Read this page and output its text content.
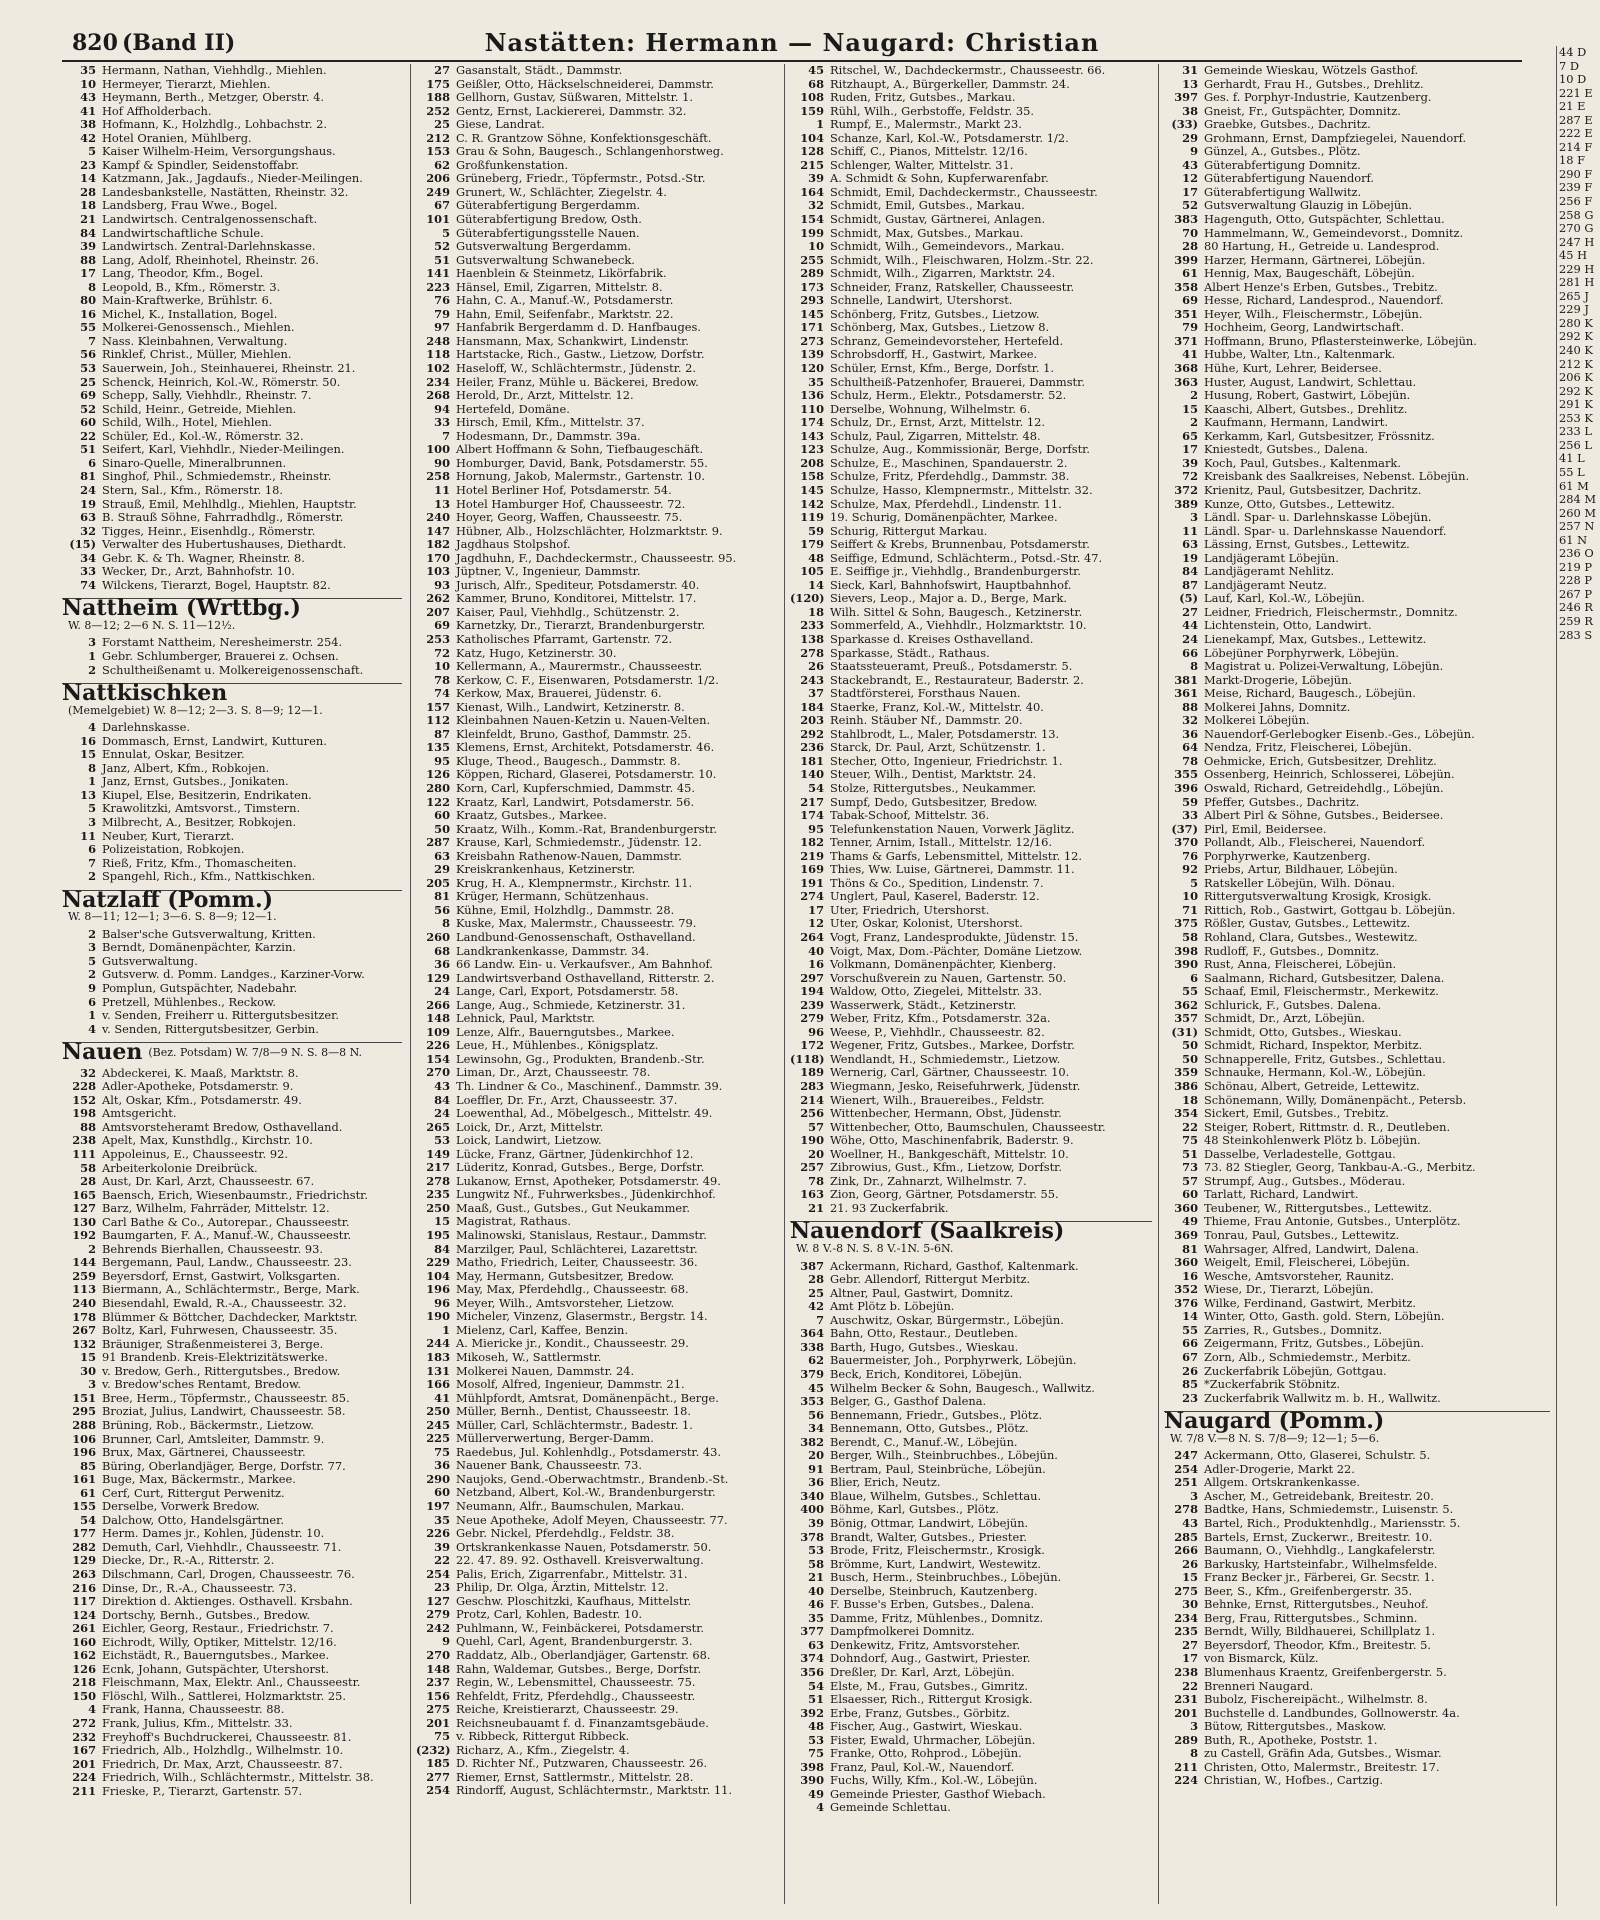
820 (Band II)	Nastätten: Hermann — Naugard: Christian
35 Hermann, Nathan, Viehhdlg., Miehlen.
10 Hermeyer, Tierarzt, Miehlen.
43 Heymann, Berth., Metzger, Oberstr. 4.
41 Hof Affholderbach.
38 Hofmann, K., Holzhdlg., Lohbachstr. 2.
42 Hotel Oranien, Mühlberg.
5 Kaiser Wilhelm-Heim, Versorgungshaus.
23 Kampf & Spindler, Seidenstoffabr.
14 Katzmann, Jak., Jagdaufs., Nieder-Meilingen.
28 Landesbankstelle, Nastätten, Rheinstr. 32.
18 Landsberg, Frau Wwe., Bogel.
21 Landwirtsch. Centralgenossenschaft.
84 Landwirtschaftliche Schule.
39 Landwirtsch. Zentral-Darlehnskasse.
88 Lang, Adolf, Rheinhotel, Rheinstr. 26.
17 Lang, Theodor, Kfm., Bogel.
8 Leopold, B., Kfm., Römerstr. 3.
80 Main-Kraftwerke, Brühlstr. 6.
16 Michel, K., Installation, Bogel.
55 Molkerei-Genossensch., Miehlen.
7 Nass. Kleinbahnen, Verwaltung.
56 Rinklef, Christ., Müller, Miehlen.
53 Sauerwein, Joh., Steinhauerei, Rheinstr. 21.
25 Schenck, Heinrich, Kol.-W., Römerstr. 50.
69 Schepp, Sally, Viehhdlr., Rheinstr. 7.
52 Schild, Heinr., Getreide, Miehlen.
60 Schild, Wilh., Hotel, Miehlen.
22 Schüler, Ed., Kol.-W., Römerstr. 32.
51 Seifert, Karl, Viehhdlr., Nieder-Meilingen.
6 Sinaro-Quelle, Mineralbrunnen.
81 Singhof, Phil., Schmiedemstr., Rheinstr.
24 Stern, Sal., Kfm., Römerstr. 18.
19 Strauß, Emil, Mehlhdlg., Miehlen, Hauptstr.
63 B. Strauß Söhne, Fahrradhdlg., Römerstr.
32 Tigges, Heinr., Eisenhdlg., Römerstr.
(15) Verwalter des Hubertushauses, Diethardt.
34 Gebr. K. & Th. Wagner, Rheinstr. 8.
33 Wecker, Dr., Arzt, Bahnhofstr. 10.
74 Wilckens, Tierarzt, Bogel, Hauptstr. 82.
Nattheim (Wrttbg.)W. 8—12; 2—6 N. S. 11—12½.
3 Forstamt Nattheim, Neresheimerstr. 254.
1 Gebr. Schlumberger, Brauerei z. Ochsen.
2 Schultheißenamt u. Molkereigenossenschaft.
Nattkischken(Memelgebiet) W. 8—12; 2—3. S. 8—9; 12—1.
4 Darlehnskasse.
16 Dommasch, Ernst, Landwirt, Kutturen.
15 Ennulat, Oskar, Besitzer.
8 Janz, Albert, Kfm., Robkojen.
1 Janz, Ernst, Gutsbes., Jonikaten.
13 Kiupel, Else, Besitzerin, Endrikaten.
5 Krawolitzki, Amtsvorst., Timstern.
3 Milbrecht, A., Besitzer, Robkojen.
11 Neuber, Kurt, Tierarzt.
6 Polizeistation, Robkojen.
7 Rieß, Fritz, Kfm., Thomascheiten.
2 Spangehl, Rich., Kfm., Nattkischken.
Natzlaff (Pomm.)W. 8—11; 12—1; 3—6. S. 8—9; 12—1.
2 Balser'sche Gutsverwaltung, Kritten.
3 Berndt, Domänenpächter, Karzin.
5 Gutsverwaltung.
2 Gutsverw. d. Pomm. Landges., Karziner-Vorw.
9 Pomplun, Gutspächter, Nadebahr.
6 Pretzell, Mühlenbes., Reckow.
1 v. Senden, Freiherr u. Rittergutsbesitzer.
4 v. Senden, Rittergutsbesitzer, Gerbin.
Nauen (Bez. Potsdam) W. 7/8—9 N. S. 8—8 N.
32 Abdeckerei, K. Maaß, Marktstr. 8.
228 Adler-Apotheke, Potsdamerstr. 9.
152 Alt, Oskar, Kfm., Potsdamerstr. 49.
198 Amtsgericht.
88 Amtsvorsteheramt Bredow, Osthavelland.
238 Apelt, Max, Kunsthdlg., Kirchstr. 10.
111 Appoleinus, E., Chausseestr. 92.
58 Arbeiterkolonie Dreibrück.
28 Aust, Dr. Karl, Arzt, Chausseestr. 67.
165 Baensch, Erich, Wiesenbaumstr., Friedrichstr.
127 Barz, Wilhelm, Fahrräder, Mittelstr. 12.
130 Carl Bathe & Co., Autorepar., Chausseestr.
192 Baumgarten, F. A., Manuf.-W., Chausseestr.
2 Behrends Bierhallen, Chausseestr. 93.
144 Bergemann, Paul, Landw., Chausseestr. 23.
259 Beyersdorf, Ernst, Gastwirt, Volksgarten.
113 Biermann, A., Schlächtermstr., Berge, Mark.
240 Biesendahl, Ewald, R.-A., Chausseestr. 32.
178 Blümmer & Böttcher, Dachdecker, Marktstr.
267 Boltz, Karl, Fuhrwesen, Chausseestr. 35.
132 Bräuniger, Straßenmeisterei 3, Berge.
15 91 Brandenb. Kreis-Elektrizitätswerke.
30 v. Bredow, Gerh., Rittergutsbes., Bredow.
3 v. Bredow'sches Rentamt, Bredow.
151 Bree, Herm., Töpfermstr., Chausseestr. 85.
295 Broziat, Julius, Landwirt, Chausseestr. 58.
288 Brüning, Rob., Bäckermstr., Lietzow.
106 Brunner, Carl, Amtsleiter, Dammstr. 9.
196 Brux, Max, Gärtnerei, Chausseestr.
85 Büring, Oberlandjäger, Berge, Dorfstr. 77.
161 Buge, Max, Bäckermstr., Markee.
61 Cerf, Curt, Rittergut Perwenitz.
155 Derselbe, Vorwerk Bredow.
54 Dalchow, Otto, Handelsgärtner.
177 Herm. Dames jr., Kohlen, Jüdenstr. 10.
282 Demuth, Carl, Viehhdlr., Chausseestr. 71.
129 Diecke, Dr., R.-A., Ritterstr. 2.
263 Dilschmann, Carl, Drogen, Chausseestr. 76.
216 Dinse, Dr., R.-A., Chausseestr. 73.
117 Direktion d. Aktienges. Osthavell. Krsbahn.
124 Dortschy, Bernh., Gutsbes., Bredow.
261 Eichler, Georg, Restaur., Friedrichstr. 7.
160 Eichrodt, Willy, Optiker, Mittelstr. 12/16.
162 Eichstädt, R., Bauerngutsbes., Markee.
126 Ecnk, Johann, Gutspächter, Utershorst.
218 Fleischmann, Max, Elektr. Anl., Chausseestr.
150 Flöschl, Wilh., Sattlerei, Holzmarktstr. 25.
4 Frank, Hanna, Chausseestr. 88.
272 Frank, Julius, Kfm., Mittelstr. 33.
232 Freyhoff's Buchdruckerei, Chausseestr. 81.
167 Friedrich, Alb., Holzhdlg., Wilhelmstr. 10.
201 Friedrich, Dr. Max, Arzt, Chausseestr. 87.
224 Friedrich, Wilh., Schlächtermstr., Mittelstr. 38.
211 Frieske, P., Tierarzt, Gartenstr. 57.
27 Gasanstalt, Städt., Dammstr.
175 Geißler, Otto, Häckselschneiderei, Dammstr.
188 Gellhorn, Gustav, Süßwaren, Mittelstr. 1.
252 Gentz, Ernst, Lackiererei, Dammstr. 32.
25 Giese, Landrat.
212 C. R. Grantzow Söhne, Konfektionsgeschäft.
153 Grau & Sohn, Baugesch., Schlangenhorstweg.
62 Großfunkenstation.
206 Grüneberg, Friedr., Töpfermstr., Potsd.-Str.
249 Grunert, W., Schlächter, Ziegelstr. 4.
67 Güterabfertigung Bergerdamm.
101 Güterabfertigung Bredow, Osth.
5 Güterabfertigungsstelle Nauen.
52 Gutsverwaltung Bergerdamm.
51 Gutsverwaltung Schwanebeck.
141 Haenblein & Steinmetz, Likörfabrik.
223 Hänsel, Emil, Zigarren, Mittelstr. 8.
76 Hahn, C. A., Manuf.-W., Potsdamerstr.
79 Hahn, Emil, Seifenfabr., Marktstr. 22.
97 Hanfabrik Bergerdamm d. D. Hanfbauges.
248 Hansmann, Max, Schankwirt, Lindenstr.
118 Hartstacke, Rich., Gastw., Lietzow, Dorfstr.
102 Haseloff, W., Schlächtermstr., Jüdenstr. 2.
234 Heiler, Franz, Mühle u. Bäckerei, Bredow.
268 Herold, Dr., Arzt, Mittelstr. 12.
94 Hertefeld, Domäne.
33 Hirsch, Emil, Kfm., Mittelstr. 37.
7 Hodesmann, Dr., Dammstr. 39a.
100 Albert Hoffmann & Sohn, Tiefbaugeschäft.
90 Homburger, David, Bank, Potsdamerstr. 55.
258 Hornung, Jakob, Malermstr., Gartenstr. 10.
11 Hotel Berliner Hof, Potsdamerstr. 54.
13 Hotel Hamburger Hof, Chausseestr. 72.
240 Hoyer, Georg, Waffen, Chausseestr. 75.
147 Hübner, Alb., Holzschlächter, Holzmarktstr. 9.
182 Jagdhaus Stolpshof.
170 Jagdhuhn, F., Dachdeckermstr., Chausseestr. 95.
103 Jüptner, V., Ingenieur, Dammstr.
93 Jurisch, Alfr., Spediteur, Potsdamerstr. 40.
262 Kammer, Bruno, Konditorei, Mittelstr. 17.
207 Kaiser, Paul, Viehhdlg., Schützenstr. 2.
69 Karnetzky, Dr., Tierarzt, Brandenburgerstr.
253 Katholisches Pfarramt, Gartenstr. 72.
72 Katz, Hugo, Ketzinerstr. 30.
10 Kellermann, A., Maurermstr., Chausseestr.
78 Kerkow, C. F., Eisenwaren, Potsdamerstr. 1/2.
74 Kerkow, Max, Brauerei, Jüdenstr. 6.
157 Kienast, Wilh., Landwirt, Ketzinerstr. 8.
112 Kleinbahnen Nauen-Ketzin u. Nauen-Velten.
87 Kleinfeldt, Bruno, Gasthof, Dammstr. 25.
135 Klemens, Ernst, Architekt, Potsdamerstr. 46.
95 Kluge, Theod., Baugesch., Dammstr. 8.
126 Köppen, Richard, Glaserei, Potsdamerstr. 10.
280 Korn, Carl, Kupferschmied, Dammstr. 45.
122 Kraatz, Karl, Landwirt, Potsdamerstr. 56.
60 Kraatz, Gutsbes., Markee.
50 Kraatz, Wilh., Komm.-Rat, Brandenburgerstr.
287 Krause, Karl, Schmiedemstr., Jüdenstr. 12.
63 Kreisbahn Rathenow-Nauen, Dammstr.
29 Kreiskrankenhaus, Ketzinerstr.
205 Krug, H. A., Klempnermstr., Kirchstr. 11.
81 Krüger, Hermann, Schützenhaus.
56 Kühne, Emil, Holzhdlg., Dammstr. 28.
8 Kuske, Max, Malermstr., Chausseestr. 79.
260 Landbund-Genossenschaft, Osthavelland.
68 Landkrankenkasse, Dammstr. 34.
36 66 Landw. Ein- u. Verkaufsver., Am Bahnhof.
129 Landwirtsverband Osthavelland, Ritterstr. 2.
24 Lange, Carl, Export, Potsdamerstr. 58.
266 Lange, Aug., Schmiede, Ketzinerstr. 31.
148 Lehnick, Paul, Marktstr.
109 Lenze, Alfr., Bauerngutsbes., Markee.
226 Leue, H., Mühlenbes., Königsplatz.
154 Lewinsohn, Gg., Produkten, Brandenb.-Str.
270 Liman, Dr., Arzt, Chausseestr. 78.
43 Th. Lindner & Co., Maschinenf., Dammstr. 39.
84 Loeffler, Dr. Fr., Arzt, Chausseestr. 37.
24 Loewenthal, Ad., Möbelgesch., Mittelstr. 49.
265 Loick, Dr., Arzt, Mittelstr.
53 Loick, Landwirt, Lietzow.
149 Lücke, Franz, Gärtner, Jüdenkirchhof 12.
217 Lüderitz, Konrad, Gutsbes., Berge, Dorfstr.
278 Lukanow, Ernst, Apotheker, Potsdamerstr. 49.
235 Lungwitz Nf., Fuhrwerksbes., Jüdenkirchhof.
250 Maaß, Gust., Gutsbes., Gut Neukammer.
15 Magistrat, Rathaus.
195 Malinowski, Stanislaus, Restaur., Dammstr.
84 Marzilger, Paul, Schlächterei, Lazarettstr.
229 Matho, Friedrich, Leiter, Chausseestr. 36.
104 May, Hermann, Gutsbesitzer, Bredow.
196 May, Max, Pferdehdlg., Chausseestr. 68.
96 Meyer, Wilh., Amtsvorsteher, Lietzow.
190 Micheler, Vinzenz, Glasermstr., Bergstr. 14.
1 Mielenz, Carl, Kaffee, Benzin.
244 A. Miericke jr., Kondit., Chausseestr. 29.
183 Mikoseh, W., Sattlermstr.
131 Molkerei Nauen, Dammstr. 24.
166 Mosolf, Alfred, Ingenieur, Dammstr. 21.
41 Mühlpfordt, Amtsrat, Domänenpächt., Berge.
250 Müller, Bernh., Dentist, Chausseestr. 18.
245 Müller, Carl, Schlächtermstr., Badestr. 1.
225 Müllerverwertung, Berger-Damm.
75 Raedebus, Jul. Kohlenhdlg., Potsdamerstr. 43.
36 Nauener Bank, Chausseestr. 73.
290 Naujoks, Gend.-Oberwachtmstr., Brandenb.-St.
60 Netzband, Albert, Kol.-W., Brandenburgerstr.
197 Neumann, Alfr., Baumschulen, Markau.
35 Neue Apotheke, Adolf Meyen, Chausseestr. 77.
226 Gebr. Nickel, Pferdehdlg., Feldstr. 38.
39 Ortskrankenkasse Nauen, Potsdamerstr. 50.
22 22. 47. 89. 92. Osthavell. Kreisverwaltung.
254 Palis, Erich, Zigarrenfabr., Mittelstr. 31.
23 Philip, Dr. Olga, Ärztin, Mittelstr. 12.
127 Geschw. Ploschitzki, Kaufhaus, Mittelstr.
279 Protz, Carl, Kohlen, Badestr. 10.
242 Puhlmann, W., Feinbäckerei, Potsdamerstr.
9 Quehl, Carl, Agent, Brandenburgerstr. 3.
270 Raddatz, Alb., Oberlandjäger, Gartenstr. 68.
148 Rahn, Waldemar, Gutsbes., Berge, Dorfstr.
237 Regin, W., Lebensmittel, Chausseestr. 75.
156 Rehfeldt, Fritz, Pferdehdlg., Chausseestr.
275 Reiche, Kreistierarzt, Chausseestr. 29.
201 Reichsneubauamt f. d. Finanzamtsgebäude.
75 v. Ribbeck, Rittergut Ribbeck.
(232) Richarz, A., Kfm., Ziegelstr. 4.
185 D. Richter Nf., Putzwaren, Chausseestr. 26.
277 Riemer, Ernst, Sattlermstr., Mittelstr. 28.
254 Rindorff, August, Schlächtermstr., Marktstr. 11.
45 Ritschel, W., Dachdeckermstr., Chausseestr. 66.
68 Ritzhaupt, A., Bürgerkeller, Dammstr. 24.
108 Ruden, Fritz, Gutsbes., Markau.
159 Rühl, Wilh., Gerbstoffe, Feldstr. 35.
1 Rumpf, E., Malermstr., Markt 23.
104 Schanze, Karl, Kol.-W., Potsdamerstr. 1/2.
128 Schiff, C., Pianos, Mittelstr. 12/16.
215 Schlenger, Walter, Mittelstr. 31.
39 A. Schmidt & Sohn, Kupferwarenfabr.
164 Schmidt, Emil, Dachdeckermstr., Chausseestr.
32 Schmidt, Emil, Gutsbes., Markau.
154 Schmidt, Gustav, Gärtnerei, Anlagen.
199 Schmidt, Max, Gutsbes., Markau.
10 Schmidt, Wilh., Gemeindevors., Markau.
255 Schmidt, Wilh., Fleischwaren, Holzm.-Str. 22.
289 Schmidt, Wilh., Zigarren, Marktstr. 24.
173 Schneider, Franz, Ratskeller, Chausseestr.
293 Schnelle, Landwirt, Utershorst.
145 Schönberg, Fritz, Gutsbes., Lietzow.
171 Schönberg, Max, Gutsbes., Lietzow 8.
273 Schranz, Gemeindevorsteher, Hertefeld.
139 Schrobsdorff, H., Gastwirt, Markee.
120 Schüler, Ernst, Kfm., Berge, Dorfstr. 1.
35 Schultheiß-Patzenhofer, Brauerei, Dammstr.
136 Schulz, Herm., Elektr., Potsdamerstr. 52.
110 Derselbe, Wohnung, Wilhelmstr. 6.
174 Schulz, Dr., Ernst, Arzt, Mittelstr. 12.
143 Schulz, Paul, Zigarren, Mittelstr. 48.
123 Schulze, Aug., Kommissionär, Berge, Dorfstr.
208 Schulze, E., Maschinen, Spandauerstr. 2.
158 Schulze, Fritz, Pferdehdlg., Dammstr. 38.
145 Schulze, Hasso, Klempnermstr., Mittelstr. 32.
142 Schulze, Max, Pferdehdl., Lindenstr. 11.
119 19. Schurig, Domänenpächter, Markee.
59 Schurig, Rittergut Markau.
179 Seiffert & Krebs, Brunnenbau, Potsdamerstr.
48 Seiffige, Edmund, Schlächterm., Potsd.-Str. 47.
105 E. Seiffige jr., Viehhdlg., Brandenburgerstr.
14 Sieck, Karl, Bahnhofswirt, Hauptbahnhof.
(120) Sievers, Leop., Major a. D., Berge, Mark.
18 Wilh. Sittel & Sohn, Baugesch., Ketzinerstr.
233 Sommerfeld, A., Viehhdlr., Holzmarktstr. 10.
138 Sparkasse d. Kreises Osthavelland.
278 Sparkasse, Städt., Rathaus.
26 Staatssteueramt, Preuß., Potsdamerstr. 5.
243 Stackebrandt, E., Restaurateur, Baderstr. 2.
37 Stadtförsterei, Forsthaus Nauen.
184 Staerke, Franz, Kol.-W., Mittelstr. 40.
203 Reinh. Stäuber Nf., Dammstr. 20.
292 Stahlbrodt, L., Maler, Potsdamerstr. 13.
236 Starck, Dr. Paul, Arzt, Schützenstr. 1.
181 Stecher, Otto, Ingenieur, Friedrichstr. 1.
140 Steuer, Wilh., Dentist, Marktstr. 24.
54 Stolze, Rittergutsbes., Neukammer.
217 Sumpf, Dedo, Gutsbesitzer, Bredow.
174 Tabak-Schoof, Mittelstr. 36.
95 Telefunkenstation Nauen, Vorwerk Jäglitz.
182 Tenner, Arnim, Istall., Mittelstr. 12/16.
219 Thams & Garfs, Lebensmittel, Mittelstr. 12.
169 Thies, Ww. Luise, Gärtnerei, Dammstr. 11.
191 Thöns & Co., Spedition, Lindenstr. 7.
274 Unglert, Paul, Kaserel, Baderstr. 12.
17 Uter, Friedrich, Utershorst.
12 Uter, Oskar, Kolonist, Utershorst.
264 Vogt, Franz, Landesprodukte, Jüdenstr. 15.
40 Voigt, Max, Dom.-Pächter, Domäne Lietzow.
16 Volkmann, Domänenpächter, Kienberg.
297 Vorschußverein zu Nauen, Gartenstr. 50.
194 Waldow, Otto, Ziegelei, Mittelstr. 33.
239 Wasserwerk, Städt., Ketzinerstr.
279 Weber, Fritz, Kfm., Potsdamerstr. 32a.
96 Weese, P., Viehhdlr., Chausseestr. 82.
172 Wegener, Fritz, Gutsbes., Markee, Dorfstr.
(118) Wendlandt, H., Schmiedemstr., Lietzow.
189 Wernerig, Carl, Gärtner, Chausseestr. 10.
283 Wiegmann, Jesko, Reisefuhrwerk, Jüdenstr.
214 Wienert, Wilh., Brauereibes., Feldstr.
256 Wittenbecher, Hermann, Obst, Jüdenstr.
57 Wittenbecher, Otto, Baumschulen, Chausseestr.
190 Wöhe, Otto, Maschinenfabrik, Baderstr. 9.
20 Woellner, H., Bankgeschäft, Mittelstr. 10.
257 Zibrowius, Gust., Kfm., Lietzow, Dorfstr.
78 Zink, Dr., Zahnarzt, Wilhelmstr. 7.
163 Zion, Georg, Gärtner, Potsdamerstr. 55.
21 21. 93 Zuckerfabrik.
Nauendorf (Saalkreis)W. 8 V.-8 N. S. 8 V.-1N. 5-6N.
387 Ackermann, Richard, Gasthof, Kaltenmark.
28 Gebr. Allendorf, Rittergut Merbitz.
25 Altner, Paul, Gastwirt, Domnitz.
42 Amt Plötz b. Löbejün.
7 Auschwitz, Oskar, Bürgermstr., Löbejün.
364 Bahn, Otto, Restaur., Deutleben.
338 Barth, Hugo, Gutsbes., Wieskau.
62 Bauermeister, Joh., Porphyrwerk, Löbejün.
379 Beck, Erich, Konditorei, Löbejün.
45 Wilhelm Becker & Sohn, Baugesch., Wallwitz.
353 Belger, G., Gasthof Dalena.
56 Bennemann, Friedr., Gutsbes., Plötz.
34 Bennemann, Otto, Gutsbes., Plötz.
382 Berendt, C., Manuf.-W., Löbejün.
20 Berger, Wilh., Steinbruchbes., Löbejün.
91 Bertram, Paul, Steinbrüche, Löbejün.
36 Blier, Erich, Neutz.
340 Blaue, Wilhelm, Gutsbes., Schlettau.
400 Böhme, Karl, Gutsbes., Plötz.
39 Bönig, Ottmar, Landwirt, Löbejün.
378 Brandt, Walter, Gutsbes., Priester.
53 Brode, Fritz, Fleischermstr., Krosigk.
58 Brömme, Kurt, Landwirt, Westewitz.
21 Busch, Herm., Steinbruchbes., Löbejün.
40 Derselbe, Steinbruch, Kautzenberg.
46 F. Busse's Erben, Gutsbes., Dalena.
35 Damme, Fritz, Mühlenbes., Domnitz.
377 Dampfmolkerei Domnitz.
63 Denkewitz, Fritz, Amtsvorsteher.
374 Dohndorf, Aug., Gastwirt, Priester.
356 Dreßler, Dr. Karl, Arzt, Löbejün.
54 Elste, M., Frau, Gutsbes., Gimritz.
51 Elsaesser, Rich., Rittergut Krosigk.
392 Erbe, Franz, Gutsbes., Görbitz.
48 Fischer, Aug., Gastwirt, Wieskau.
53 Fister, Ewald, Uhrmacher, Löbejün.
75 Franke, Otto, Rohprod., Löbejün.
398 Franz, Paul, Kol.-W., Nauendorf.
390 Fuchs, Willy, Kfm., Kol.-W., Löbejün.
49 Gemeinde Priester, Gasthof Wiebach.
4 Gemeinde Schlettau.
31 Gemeinde Wieskau, Wötzels Gasthof.
13 Gerhardt, Frau H., Gutsbes., Drehlitz.
397 Ges. f. Porphyr-Industrie, Kautzenberg.
38 Gneist, Fr., Gutspächter, Domnitz.
(33) Graebke, Gutsbes., Dachritz.
29 Grohmann, Ernst, Dampfziegelei, Nauendorf.
9 Günzel, A., Gutsbes., Plötz.
43 Güterabfertigung Domnitz.
12 Güterabfertigung Nauendorf.
17 Güterabfertigung Wallwitz.
52 Gutsverwaltung Glauzig in Löbejün.
383 Hagenguth, Otto, Gutspächter, Schlettau.
70 Hammelmann, W., Gemeindevorst., Domnitz.
28 80 Hartung, H., Getreide u. Landesprod.
399 Harzer, Hermann, Gärtnerei, Löbejün.
61 Hennig, Max, Baugeschäft, Löbejün.
358 Albert Henze's Erben, Gutsbes., Trebitz.
69 Hesse, Richard, Landesprod., Nauendorf.
351 Heyer, Wilh., Fleischermstr., Löbejün.
79 Hochheim, Georg, Landwirtschaft.
371 Hoffmann, Bruno, Pflastersteinwerke, Löbejün.
41 Hubbe, Walter, Ltn., Kaltenmark.
368 Hühe, Kurt, Lehrer, Beidersee.
363 Huster, August, Landwirt, Schlettau.
2 Husung, Robert, Gastwirt, Löbejün.
15 Kaaschi, Albert, Gutsbes., Drehlitz.
2 Kaufmann, Hermann, Landwirt.
65 Kerkamm, Karl, Gutsbesitzer, Frössnitz.
17 Kniestedt, Gutsbes., Dalena.
39 Koch, Paul, Gutsbes., Kaltenmark.
72 Kreisbank des Saalkreises, Nebenst. Löbejün.
372 Krienitz, Paul, Gutsbesitzer, Dachritz.
389 Kunze, Otto, Gutsbes., Lettewitz.
3 Ländl. Spar- u. Darlehnskasse Löbejün.
11 Ländl. Spar- u. Darlehnskasse Nauendorf.
63 Lässing, Ernst, Gutsbes., Lettewitz.
19 Landjägeramt Löbejün.
84 Landjägeramt Nehlitz.
87 Landjägeramt Neutz.
(5) Lauf, Karl, Kol.-W., Löbejün.
27 Leidner, Friedrich, Fleischermstr., Domnitz.
44 Lichtenstein, Otto, Landwirt.
24 Lienekampf, Max, Gutsbes., Lettewitz.
66 Löbejüner Porphyrwerk, Löbejün.
8 Magistrat u. Polizei-Verwaltung, Löbejün.
381 Markt-Drogerie, Löbejün.
361 Meise, Richard, Baugesch., Löbejün.
88 Molkerei Jahns, Domnitz.
32 Molkerei Löbejün.
36 Nauendorf-Gerlebogker Eisenb.-Ges., Löbejün.
64 Nendza, Fritz, Fleischerei, Löbejün.
78 Oehmicke, Erich, Gutsbesitzer, Drehlitz.
355 Ossenberg, Heinrich, Schlosserei, Löbejün.
396 Oswald, Richard, Getreidehdlg., Löbejün.
59 Pfeffer, Gutsbes., Dachritz.
33 Albert Pirl & Söhne, Gutsbes., Beidersee.
(37) Pirl, Emil, Beidersee.
370 Pollandt, Alb., Fleischerei, Nauendorf.
76 Porphyrwerke, Kautzenberg.
92 Priebs, Artur, Bildhauer, Löbejün.
5 Ratskeller Löbejün, Wilh. Dönau.
10 Rittergutsverwaltung Krosigk, Krosigk.
71 Rittich, Rob., Gastwirt, Gottgau b. Löbejün.
375 Rößler, Gustav, Gutsbes., Lettewitz.
58 Rohland, Clara, Gutsbes., Westewitz.
398 Rudloff, F., Gutsbes., Domnitz.
390 Rust, Anna, Fleischerei, Löbejün.
6 Saalmann, Richard, Gutsbesitzer, Dalena.
55 Schaaf, Emil, Fleischermstr., Merkewitz.
362 Schlurick, F., Gutsbes. Dalena.
357 Schmidt, Dr., Arzt, Löbejün.
(31) Schmidt, Otto, Gutsbes., Wieskau.
50 Schmidt, Richard, Inspektor, Merbitz.
50 Schnapperelle, Fritz, Gutsbes., Schlettau.
359 Schnauke, Hermann, Kol.-W., Löbejün.
386 Schönau, Albert, Getreide, Lettewitz.
18 Schönemann, Willy, Domänenpächt., Petersb.
354 Sickert, Emil, Gutsbes., Trebitz.
22 Steiger, Robert, Rittmstr. d. R., Deutleben.
75 48 Steinkohlenwerk Plötz b. Löbejün.
51 Dasselbe, Verladestelle, Gottgau.
73 73. 82 Stiegler, Georg, Tankbau-A.-G., Merbitz.
57 Strumpf, Aug., Gutsbes., Möderau.
60 Tarlatt, Richard, Landwirt.
360 Teubener, W., Rittergutsbes., Lettewitz.
49 Thieme, Frau Antonie, Gutsbes., Unterplötz.
369 Tonrau, Paul, Gutsbes., Lettewitz.
81 Wahrsager, Alfred, Landwirt, Dalena.
360 Weigelt, Emil, Fleischerei, Löbejün.
16 Wesche, Amtsvorsteher, Raunitz.
352 Wiese, Dr., Tierarzt, Löbejün.
376 Wilke, Ferdinand, Gastwirt, Merbitz.
14 Winter, Otto, Gasth. gold. Stern, Löbejün.
55 Zarries, R., Gutsbes., Domnitz.
66 Zeigermann, Fritz, Gutsbes., Löbejün.
67 Zorn, Alb., Schmiedemstr., Merbitz.
26 Zuckerfabrik Löbejün, Gottgau.
85 *Zuckerfabrik Stöbnitz.
23 Zuckerfabrik Wallwitz m. b. H., Wallwitz.
Naugard (Pomm.)W. 7/8 V.—8 N. S. 7/8—9; 12—1; 5—6.
247 Ackermann, Otto, Glaserei, Schulstr. 5.
254 Adler-Drogerie, Markt 22.
251 Allgem. Ortskrankenkasse.
3 Ascher, M., Getreidebank, Breitestr. 20.
278 Badtke, Hans, Schmiedemstr., Luisenstr. 5.
43 Bartel, Rich., Produktenhdlg., Mariensstr. 5.
285 Bartels, Ernst, Zuckerwr., Breitestr. 10.
266 Baumann, O., Viehhdlg., Langkafelerstr.
26 Barkusky, Hartsteinfabr., Wilhelmsfelde.
15 Franz Becker jr., Färberei, Gr. Secstr. 1.
275 Beer, S., Kfm., Greifenbergerstr. 35.
30 Behnke, Ernst, Rittergutsbes., Neuhof.
234 Berg, Frau, Rittergutsbes., Schminn.
235 Berndt, Willy, Bildhauerei, Schillplatz 1.
27 Beyersdorf, Theodor, Kfm., Breitestr. 5.
17 von Bismarck, Külz.
238 Blumenhaus Kraentz, Greifenbergerstr. 5.
22 Brenneri Naugard.
231 Bubolz, Fischereipächt., Wilhelmstr. 8.
201 Buchstelle d. Landbundes, Gollnowerstr. 4a.
3 Bütow, Rittergutsbes., Maskow.
289 Buth, R., Apotheke, Poststr. 1.
8 zu Castell, Gräfin Ada, Gutsbes., Wismar.
211 Christen, Otto, Malermstr., Breitestr. 17.
224 Christian, W., Hofbes., Cartzig.
44 D
7 D
10 D
221 E
21 E
287 E
222 E
214 F
18 F
290 F
239 F
256 F
258 G
270 G
247 H
45 H
229 H
281 H
265 J
229 J
280 K
292 K
240 K
212 K
206 K
292 K
291 K
253 K
233 L
256 L
41 L
55 L
61 M
284 M
260 M
257 N
61 N
236 O
219 P
228 P
267 P
246 R
259 R
283 S
